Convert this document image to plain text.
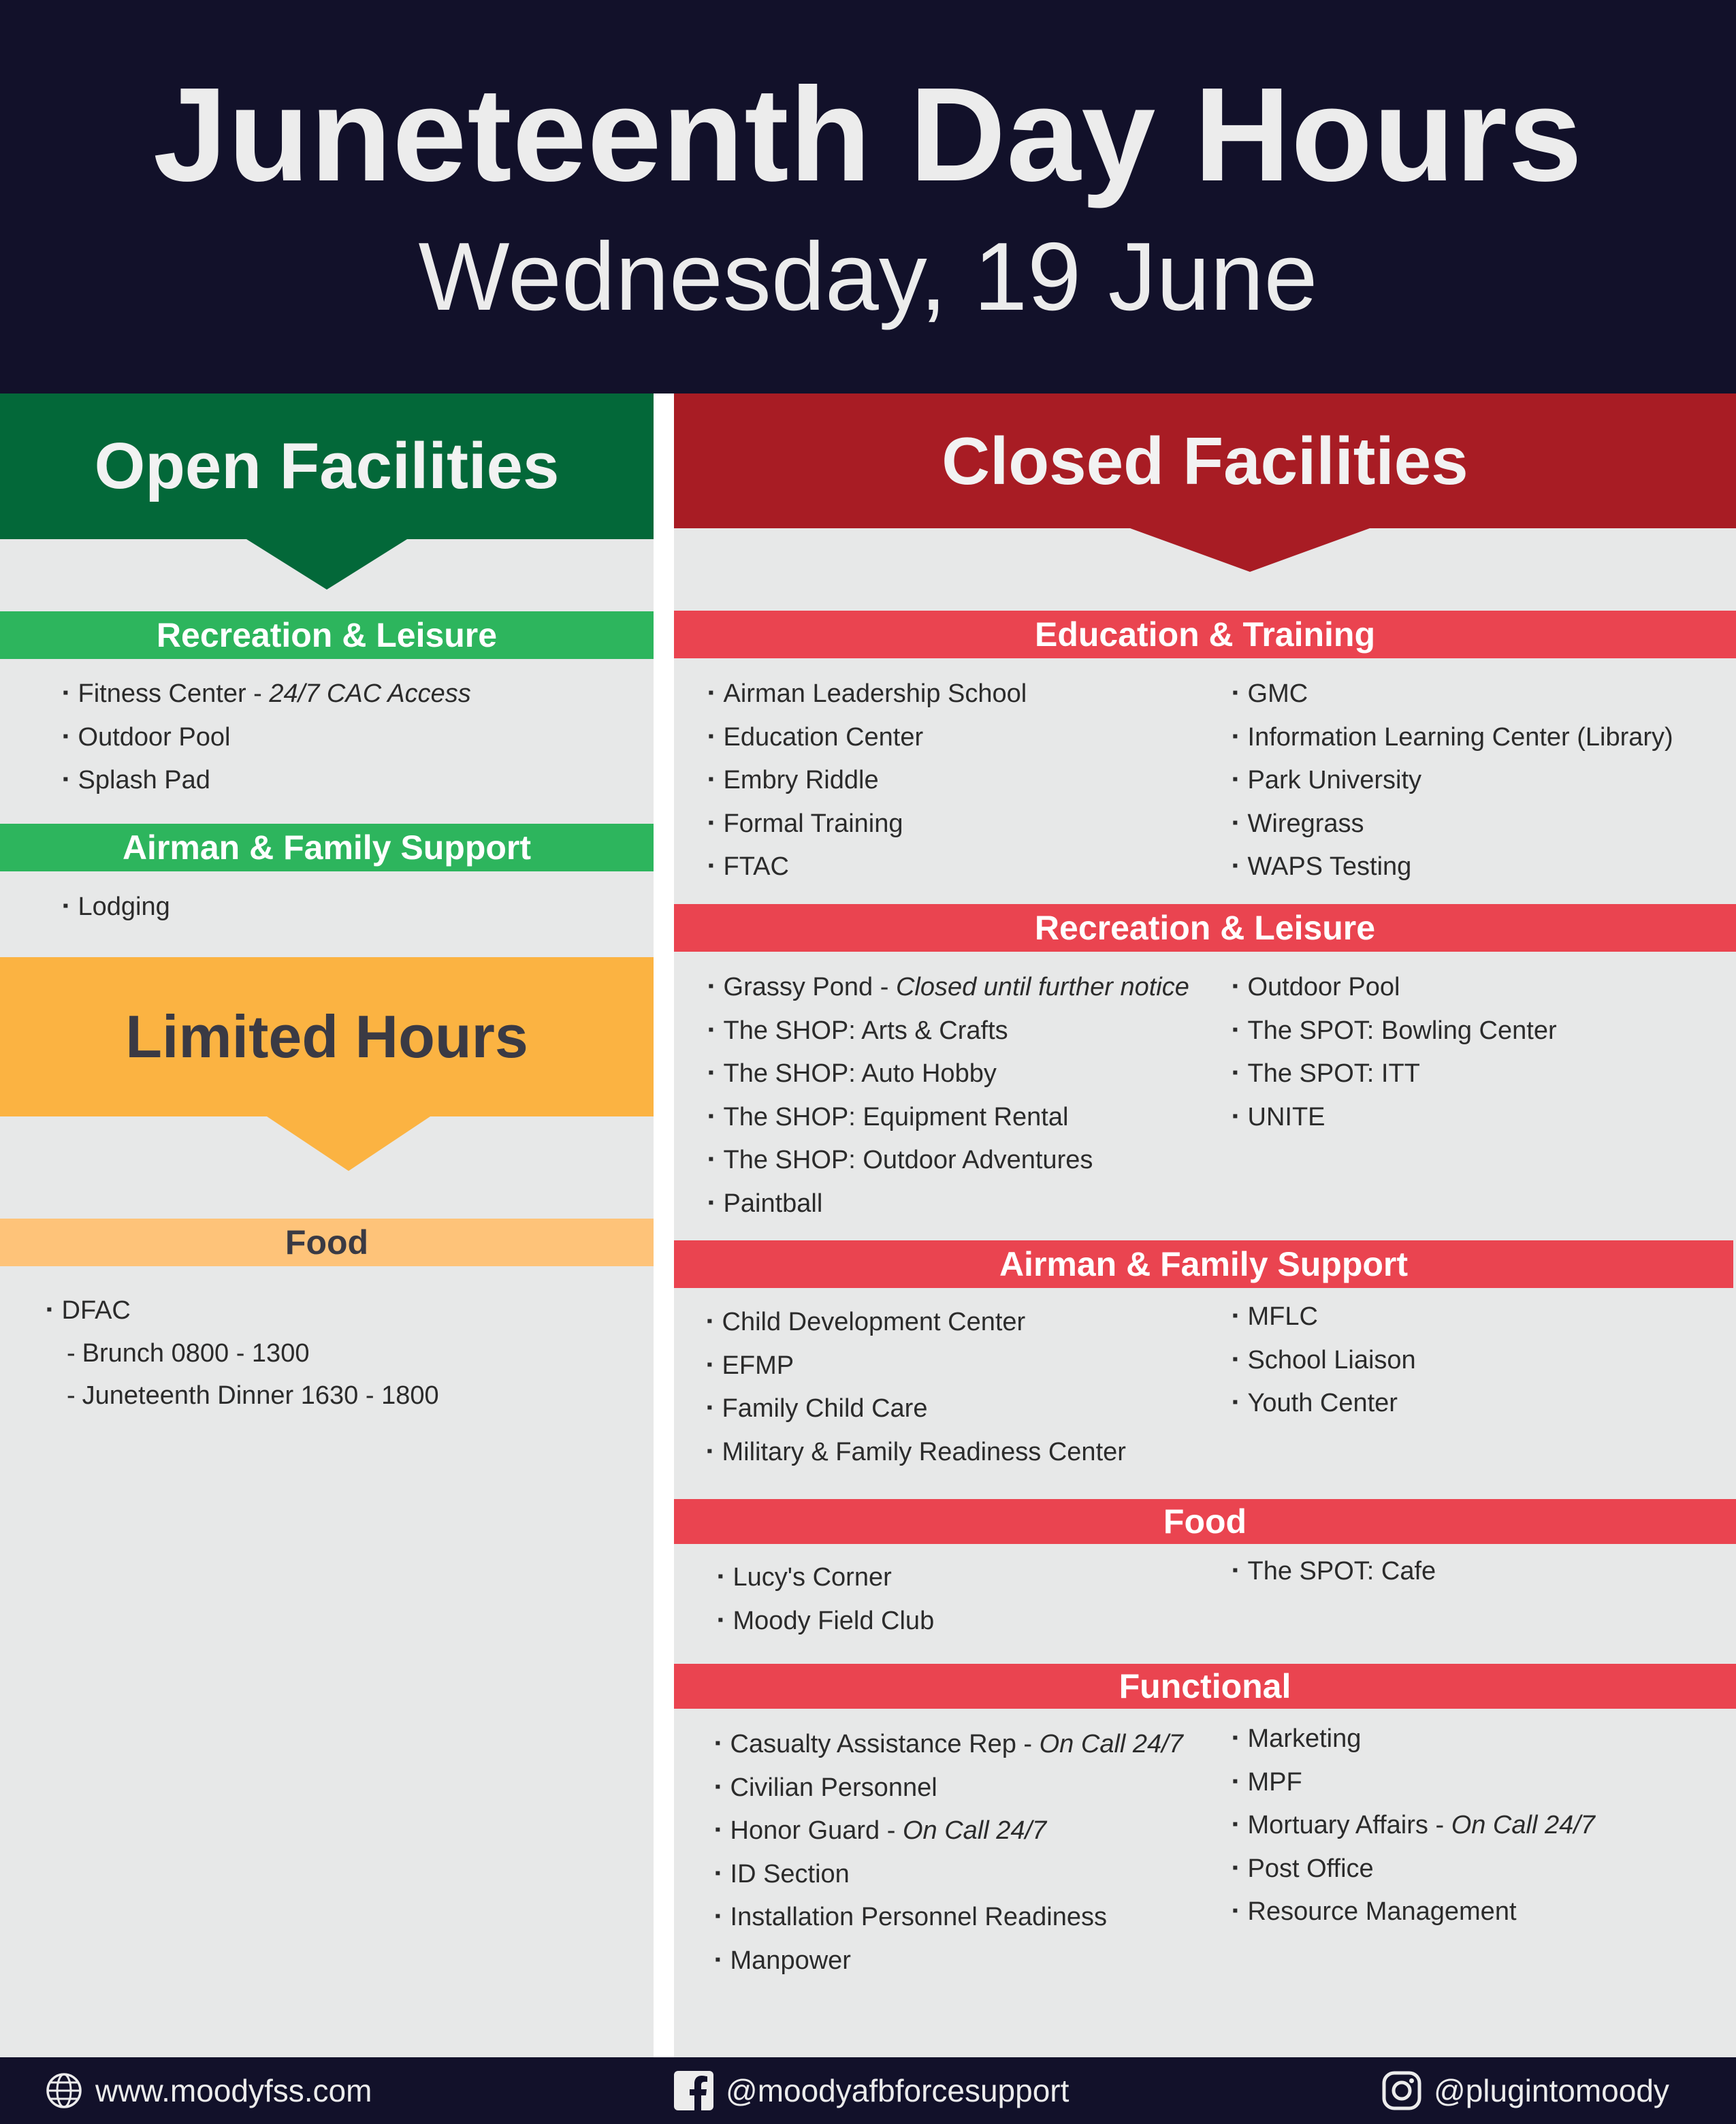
Juneteenth Day Hours
Wednesday, 19 June
Open Facilities	Closed Facilities
Limited Hours
Recreation & Leisure
▪ Fitness Center - 24/7 CAC Access
▪ Outdoor Pool
▪ Splash Pad
Airman & Family Support
▪ Lodging
Food
▪ DFAC
- Brunch 0800 - 1300
- Juneteenth Dinner 1630 - 1800
Education & Training
▪ Airman Leadership School
▪ Education Center
▪ Embry Riddle
▪ Formal Training
▪ FTAC
▪ GMC
▪ Information Learning Center (Library)
▪ Park University
▪ Wiregrass
▪ WAPS Testing
Recreation & Leisure
▪ Grassy Pond - Closed until further notice
▪ The SHOP: Arts & Crafts
▪ The SHOP: Auto Hobby
▪ The SHOP: Equipment Rental
▪ The SHOP: Outdoor Adventures
▪ Paintball
▪ Outdoor Pool
▪ The SPOT: Bowling Center
▪ The SPOT: ITT
▪ UNITE
Airman & Family Support
▪ Child Development Center
▪ EFMP
▪ Family Child Care
▪ Military & Family Readiness Center
▪ MFLC
▪ School Liaison
▪ Youth Center
Food
▪ Lucy's Corner
▪ Moody Field Club
▪ The SPOT: Cafe
Functional
▪ Casualty Assistance Rep - On Call 24/7
▪ Civilian Personnel
▪ Honor Guard - On Call 24/7
▪ ID Section
▪ Installation Personnel Readiness
▪ Manpower
▪ Marketing
▪ MPF
▪ Mortuary Affairs - On Call 24/7
▪ Post Office
▪ Resource Management
www.moodyfss.com	@moodyafbforcesupport	@plugintomoody
